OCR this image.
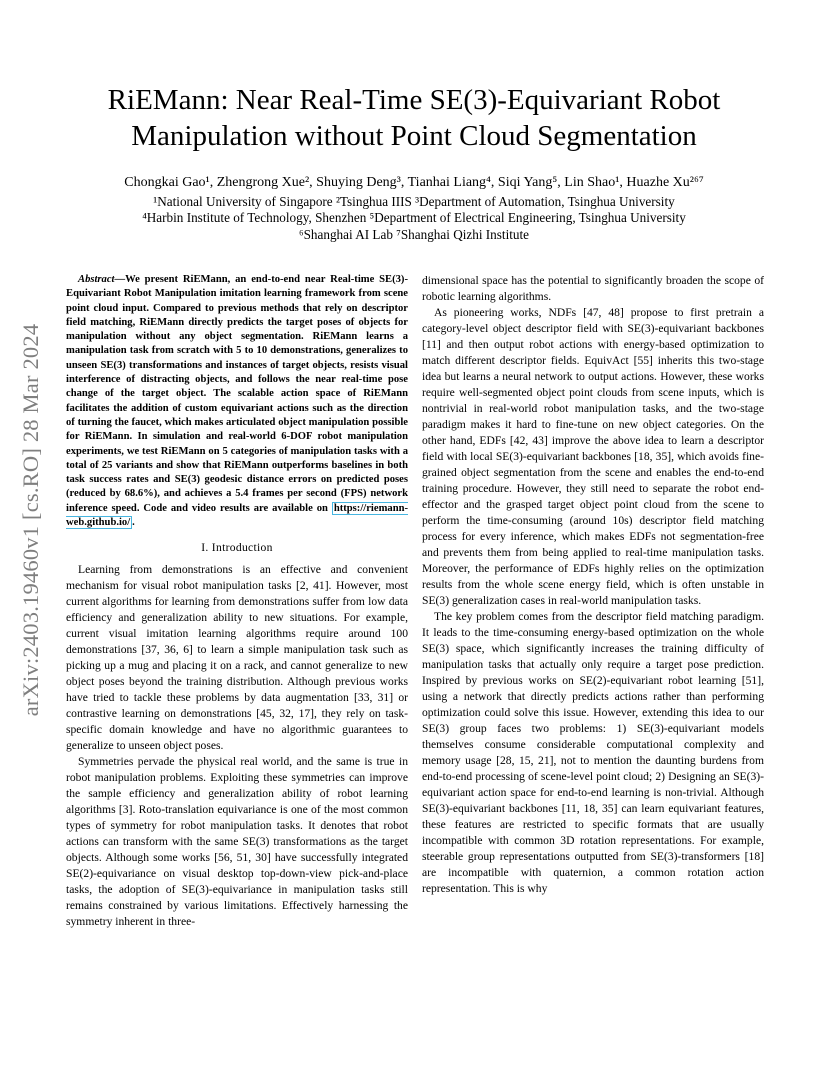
arXiv:2403.19460v1 [cs.RO] 28 Mar 2024
RiEMann: Near Real-Time SE(3)-Equivariant Robot Manipulation without Point Cloud Segmentation
Chongkai Gao¹, Zhengrong Xue², Shuying Deng³, Tianhai Liang⁴, Siqi Yang⁵, Lin Shao¹, Huazhe Xu²⁶⁷
¹National University of Singapore ²Tsinghua IIIS ³Department of Automation, Tsinghua University
⁴Harbin Institute of Technology, Shenzhen ⁵Department of Electrical Engineering, Tsinghua University
⁶Shanghai AI Lab ⁷Shanghai Qizhi Institute

Abstract—We present RiEMann, an end-to-end near Real-time SE(3)-Equivariant Robot Manipulation imitation learning framework from scene point cloud input. Compared to previous methods that rely on descriptor field matching, RiEMann directly predicts the target poses of objects for manipulation without any object segmentation. RiEMann learns a manipulation task from scratch with 5 to 10 demonstrations, generalizes to unseen SE(3) transformations and instances of target objects, resists visual interference of distracting objects, and follows the near real-time pose change of the target object. The scalable action space of RiEMann facilitates the addition of custom equivariant actions such as the direction of turning the faucet, which makes articulated object manipulation possible for RiEMann. In simulation and real-world 6-DOF robot manipulation experiments, we test RiEMann on 5 categories of manipulation tasks with a total of 25 variants and show that RiEMann outperforms baselines in both task success rates and SE(3) geodesic distance errors on predicted poses (reduced by 68.6%), and achieves a 5.4 frames per second (FPS) network inference speed. Code and video results are available on https://riemann-web.github.io/ .

I. Introduction

Learning from demonstrations is an effective and convenient mechanism for visual robot manipulation tasks [2, 41]. However, most current algorithms for learning from demonstrations suffer from low data efficiency and generalization ability to new situations. For example, current visual imitation learning algorithms require around 100 demonstrations [37, 36, 6] to learn a simple manipulation task such as picking up a mug and placing it on a rack, and cannot generalize to new object poses beyond the training distribution. Although previous works have tried to tackle these problems by data augmentation [33, 31] or contrastive learning on demonstrations [45, 32, 17], they rely on task-specific domain knowledge and have no algorithmic guarantees to generalize to unseen object poses.

Symmetries pervade the physical real world, and the same is true in robot manipulation problems. Exploiting these symmetries can improve the sample efficiency and generalization ability of robot learning algorithms [3]. Roto-translation equivariance is one of the most common types of symmetry for robot manipulation tasks. It denotes that robot actions can transform with the same SE(3) transformations as the target objects. Although some works [56, 51, 30] have successfully integrated SE(2)-equivariance on visual desktop top-down-view pick-and-place tasks, the adoption of SE(3)-equivariance in manipulation tasks still remains constrained by various limitations. Effectively harnessing the symmetry inherent in three-

dimensional space has the potential to significantly broaden the scope of robotic learning algorithms.

As pioneering works, NDFs [47, 48] propose to first pretrain a category-level object descriptor field with SE(3)-equivariant backbones [11] and then output robot actions with energy-based optimization to match different descriptor fields. EquivAct [55] inherits this two-stage idea but learns a neural network to output actions. However, these works require well-segmented object point clouds from scene inputs, which is nontrivial in real-world robot manipulation tasks, and the two-stage paradigm makes it hard to fine-tune on new object categories. On the other hand, EDFs [42, 43] improve the above idea to learn a descriptor field with local SE(3)-equivariant backbones [18, 35], which avoids fine-grained object segmentation from the scene and enables the end-to-end training procedure. However, they still need to separate the robot end-effector and the grasped target object point cloud from the scene to perform the time-consuming (around 10s) descriptor field matching process for every inference, which makes EDFs not segmentation-free and prevents them from being applied to real-time manipulation tasks. Moreover, the performance of EDFs highly relies on the optimization results from the whole scene energy field, which is often unstable in SE(3) generalization cases in real-world manipulation tasks.

The key problem comes from the descriptor field matching paradigm. It leads to the time-consuming energy-based optimization on the whole SE(3) space, which significantly increases the training difficulty of manipulation tasks that actually only require a target pose prediction. Inspired by previous works on SE(2)-equivariant robot learning [51], using a network that directly predicts actions rather than performing optimization could solve this issue. However, extending this idea to our SE(3) group faces two problems: 1) SE(3)-equivariant models themselves consume considerable computational complexity and memory usage [28, 15, 21], not to mention the daunting burdens from end-to-end processing of scene-level point cloud; 2) Designing an SE(3)-equivariant action space for end-to-end learning is non-trivial. Although SE(3)-equivariant backbones [11, 18, 35] can learn equivariant features, these features are restricted to specific formats that are usually incompatible with common 3D rotation representations. For example, steerable group representations outputted from SE(3)-transformers [18] are incompatible with quaternion, a common rotation action representation. This is why
